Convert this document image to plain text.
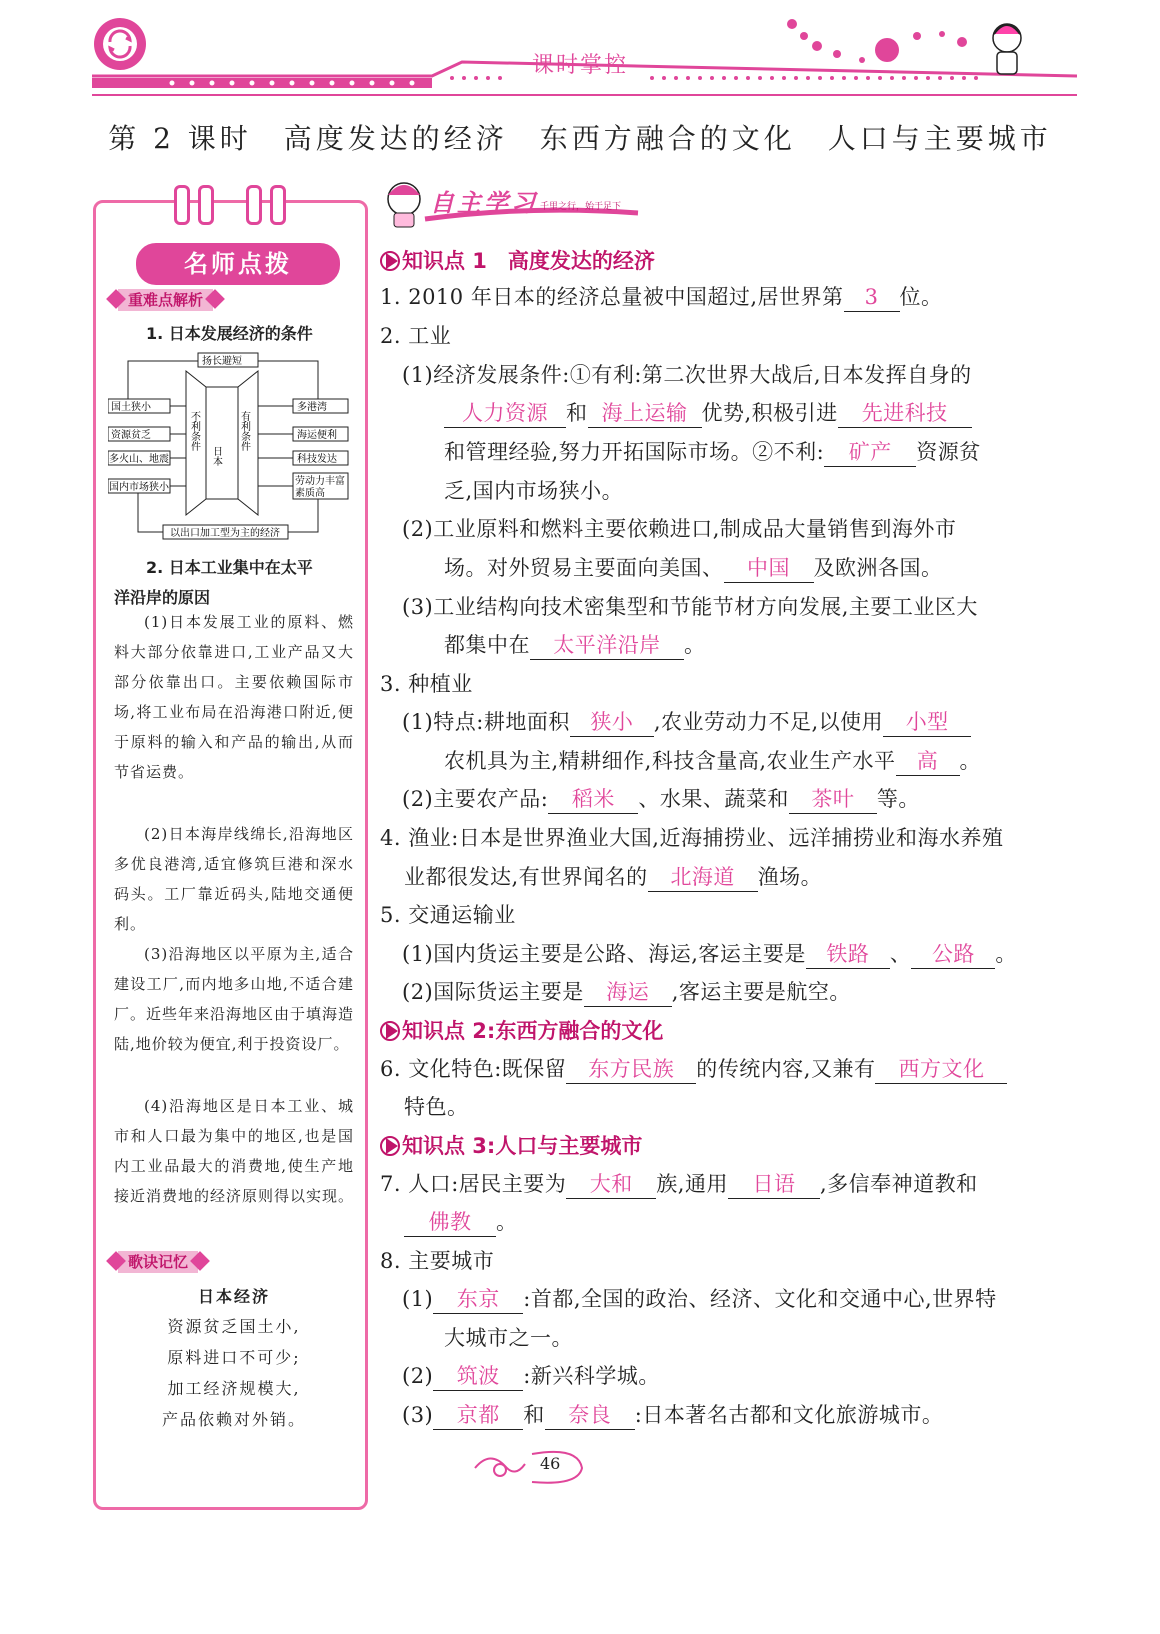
课时掌控
第 2 课时　高度发达的经济　东西方融合的文化　人口与主要城市
名师点拨
重难点解析
1. 日本发展经济的条件
扬长避短
国土狭小
资源贫乏
多火山、地震
国内市场狭小
多港湾
海运便利
科技发达
劳动力丰富
素质高
以出口加工型为主的经济
日本
不利条件	有利条件
2. 日本工业集中在太平
洋沿岸的原因
(1)日本发展工业的原料、燃料大部分依靠进口,工业产品又大部分依靠出口。主要依赖国际市场,将工业布局在沿海港口附近,便于原料的输入和产品的输出,从而节省运费。
(2)日本海岸线绵长,沿海地区多优良港湾,适宜修筑巨港和深水码头。工厂靠近码头,陆地交通便利。
(3)沿海地区以平原为主,适合建设工厂,而内地多山地,不适合建厂。近些年来沿海地区由于填海造陆,地价较为便宜,利于投资设厂。
(4)沿海地区是日本工业、城市和人口最为集中的地区,也是国内工业品最大的消费地,使生产地接近消费地的经济原则得以实现。
歌诀记忆
日本经济
资源贫乏国土小,
原料进口不可少;
加工经济规模大,
产品依赖对外销。
自主学习 千里之行，始于足下
知识点 1　高度发达的经济
1. 2010 年日本的经济总量被中国超过,居世界第 3 位。
2. 工业
(1)经济发展条件:①有利:第二次世界大战后,日本发挥自身的
人力资源 和 海上运输 优势,积极引进 先进科技
和管理经验,努力开拓国际市场。②不利: 矿产 资源贫
乏,国内市场狭小。
(2)工业原料和燃料主要依赖进口,制成品大量销售到海外市
场。对外贸易主要面向美国、 中国 及欧洲各国。
(3)工业结构向技术密集型和节能节材方向发展,主要工业区大
都集中在 太平洋沿岸 。
3. 种植业
(1)特点:耕地面积 狭小 ,农业劳动力不足,以使用 小型
农机具为主,精耕细作,科技含量高,农业生产水平 高 。
(2)主要农产品: 稻米 、水果、蔬菜和 茶叶 等。
4. 渔业:日本是世界渔业大国,近海捕捞业、远洋捕捞业和海水养殖
业都很发达,有世界闻名的 北海道 渔场。
5. 交通运输业
(1)国内货运主要是公路、海运,客运主要是 铁路 、 公路 。
(2)国际货运主要是 海运 ,客运主要是航空。
知识点 2:东西方融合的文化
6. 文化特色:既保留 东方民族 的传统内容,又兼有 西方文化
特色。
知识点 3:人口与主要城市
7. 人口:居民主要为 大和 族,通用 日语 ,多信奉神道教和
佛教 。
8. 主要城市
(1) 东京 :首都,全国的政治、经济、文化和交通中心,世界特
大城市之一。
(2) 筑波 :新兴科学城。
(3) 京都 和 奈良 :日本著名古都和文化旅游城市。
46
